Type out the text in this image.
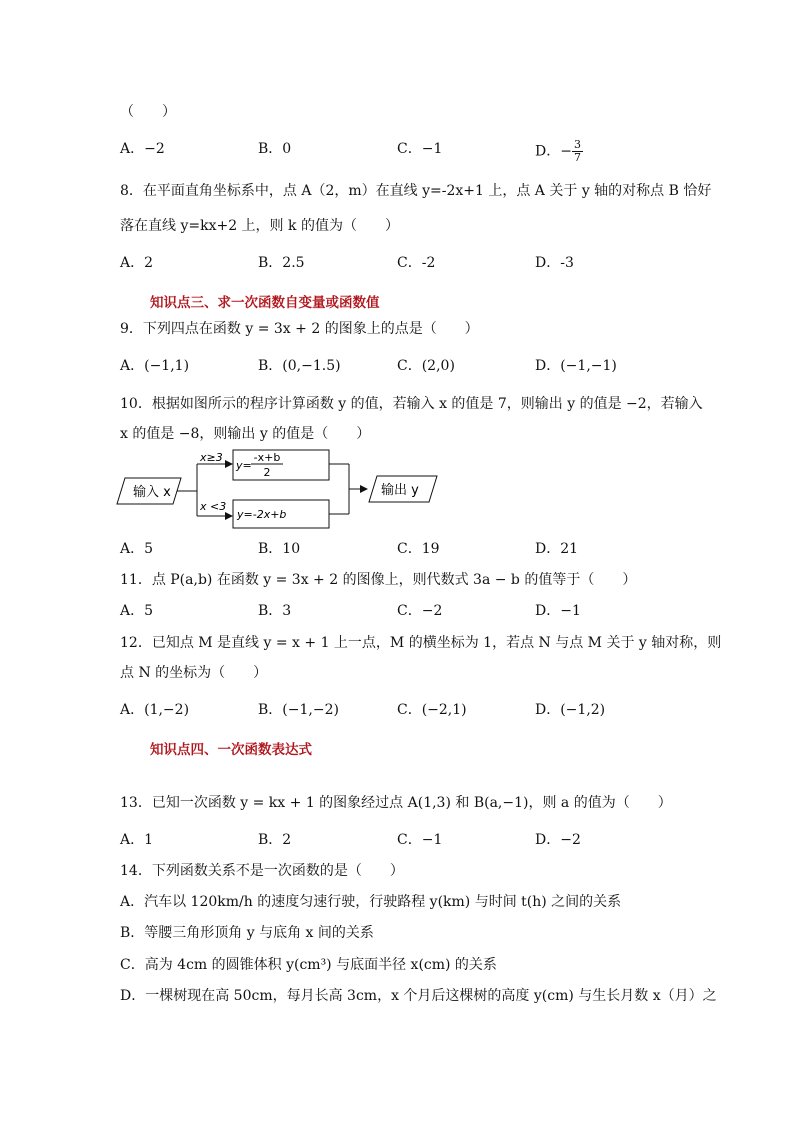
（　　）
A．−2	B．0	C．−1	D．− $\frac{3}{7}$
8．在平面直角坐标系中，点 A（2，m）在直线 y=-2x+1 上，点 A 关于 y 轴的对称点 B 恰好
落在直线 y=kx+2 上，则 k 的值为（　　）
A．2	B．2.5	C．-2	D．-3
知识点三、求一次函数自变量或函数值
9．下列四点在函数 y = 3x + 2 的图象上的点是（　　）
A．(−1,1)	B．(0,−1.5)	C．(2,0)	D．(−1,−1)
10．根据如图所示的程序计算函数 y 的值，若输入 x 的值是 7，则输出 y 的值是 −2，若输入
x 的值是 −8，则输出 y 的值是（　　）
输入 x
x≥3
x <3
y=
-x+b
2
y=-2x+b
输出 y
A．5	B．10	C．19	D．21
11．点 P(a,b) 在函数 y = 3x + 2 的图像上，则代数式 3a − b 的值等于（　　）
A．5	B．3	C．−2	D．−1
12．已知点 M 是直线 y = x + 1 上一点，M 的横坐标为 1，若点 N 与点 M 关于 y 轴对称，则
点 N 的坐标为（　　）
A．(1,−2)	B．(−1,−2)	C．(−2,1)	D．(−1,2)
知识点四、一次函数表达式
13．已知一次函数 y = kx + 1 的图象经过点 A(1,3) 和 B(a,−1)，则 a 的值为（　　）
A．1	B．2	C．−1	D．−2
14．下列函数关系不是一次函数的是（　　）
A．汽车以 120km/h 的速度匀速行驶，行驶路程 y(km) 与时间 t(h) 之间的关系
B．等腰三角形顶角 y 与底角 x 间的关系
C．高为 4cm 的圆锥体积 y(cm³) 与底面半径 x(cm) 的关系
D．一棵树现在高 50cm，每月长高 3cm，x 个月后这棵树的高度 y(cm) 与生长月数 x（月）之
